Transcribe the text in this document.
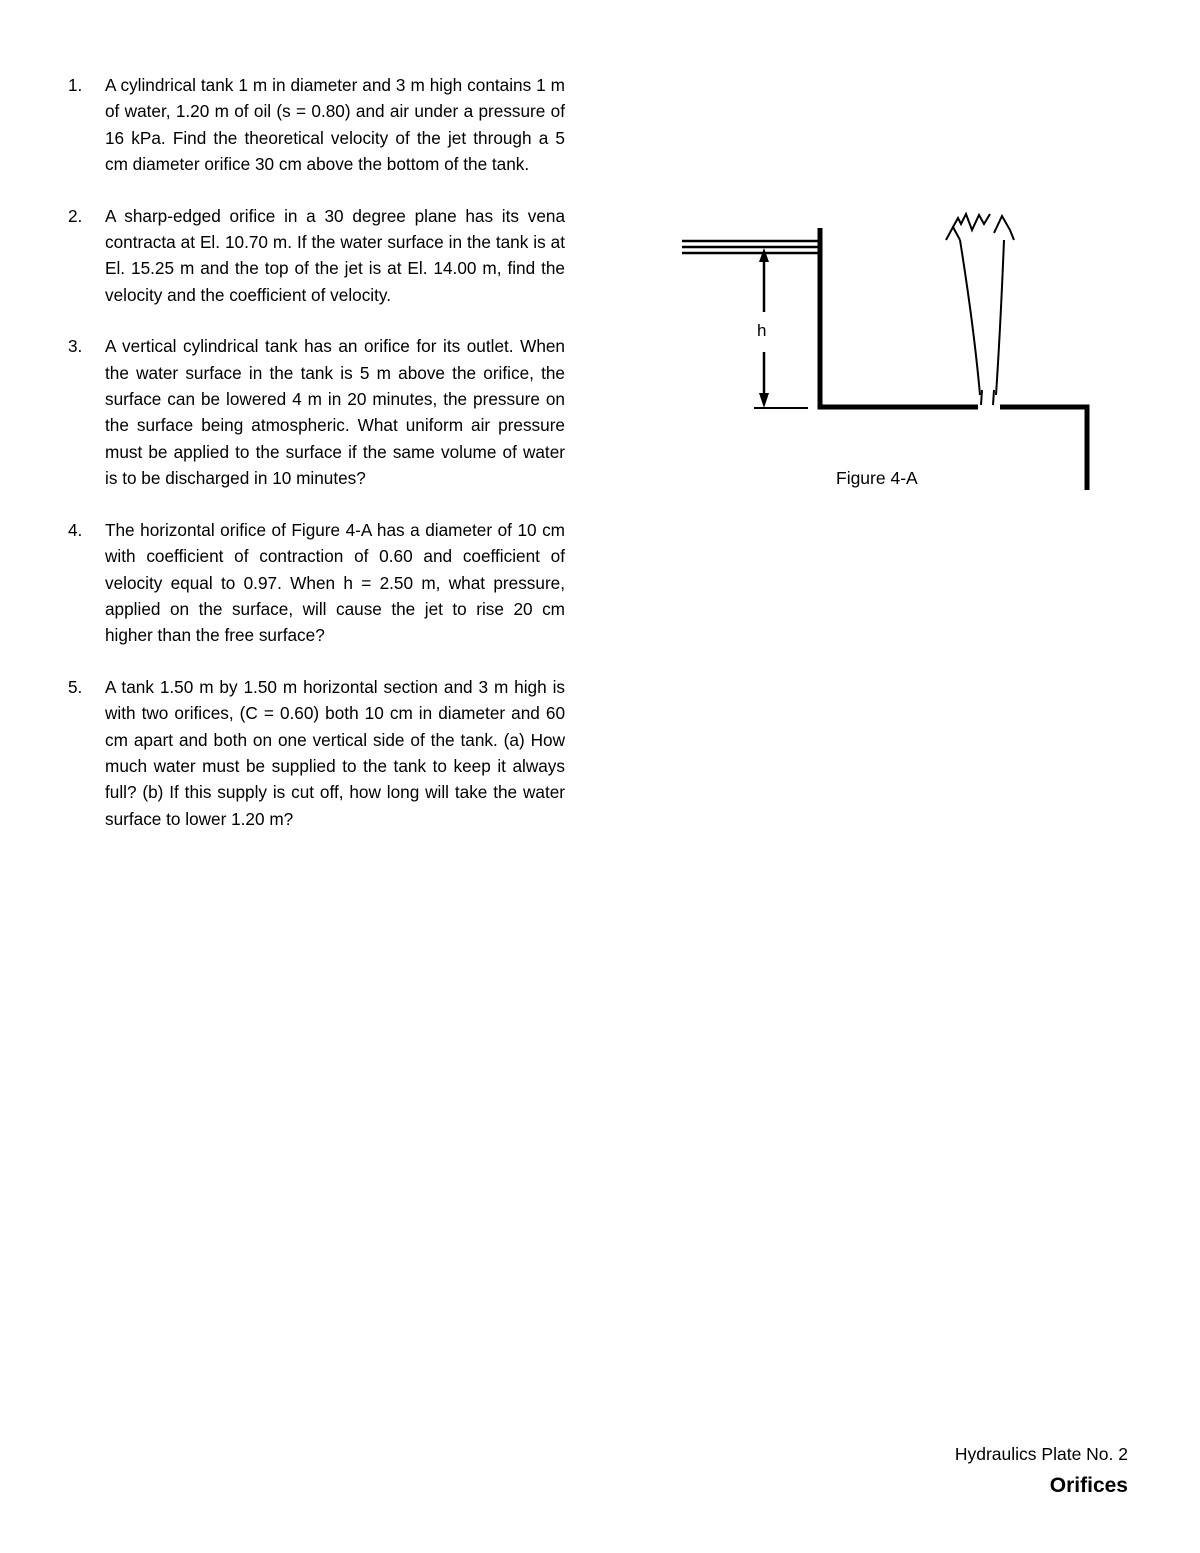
1. A cylindrical tank 1 m in diameter and 3 m high contains 1 m of water, 1.20 m of oil (s = 0.80) and air under a pressure of 16 kPa. Find the theoretical velocity of the jet through a 5 cm diameter orifice 30 cm above the bottom of the tank.
2. A sharp-edged orifice in a 30 degree plane has its vena contracta at El. 10.70 m. If the water surface in the tank is at El. 15.25 m and the top of the jet is at El. 14.00 m, find the velocity and the coefficient of velocity.
3. A vertical cylindrical tank has an orifice for its outlet. When the water surface in the tank is 5 m above the orifice, the surface can be lowered 4 m in 20 minutes, the pressure on the surface being atmospheric. What uniform air pressure must be applied to the surface if the same volume of water is to be discharged in 10 minutes?
4. The horizontal orifice of Figure 4-A has a diameter of 10 cm with coefficient of contraction of 0.60 and coefficient of velocity equal to 0.97. When h = 2.50 m, what pressure, applied on the surface, will cause the jet to rise 20 cm higher than the free surface?
5. A tank 1.50 m by 1.50 m horizontal section and 3 m high is with two orifices, (C = 0.60) both 10 cm in diameter and 60 cm apart and both on one vertical side of the tank. (a) How much water must be supplied to the tank to keep it always full? (b) If this supply is cut off, how long will take the water surface to lower 1.20 m?
h
Figure 4-A
Hydraulics Plate No. 2
Orifices
